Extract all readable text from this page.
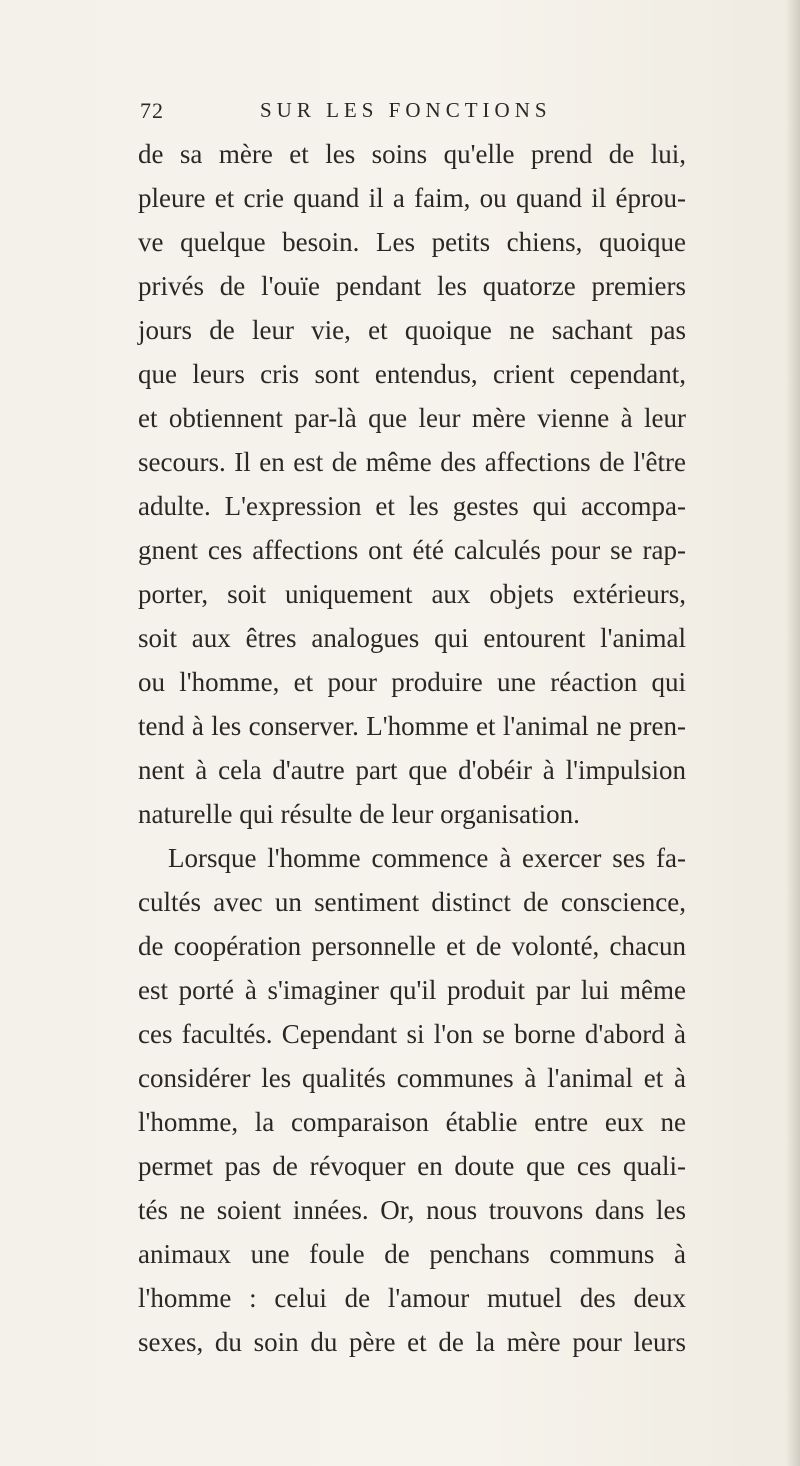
72	SUR LES FONCTIONS
de sa mère et les soins qu'elle prend de lui,
pleure et crie quand il a faim, ou quand il éprou-
ve quelque besoin. Les petits chiens, quoique
privés de l'ouïe pendant les quatorze premiers
jours de leur vie, et quoique ne sachant pas
que leurs cris sont entendus, crient cependant,
et obtiennent par-là que leur mère vienne à leur
secours. Il en est de même des affections de l'être
adulte. L'expression et les gestes qui accompa-
gnent ces affections ont été calculés pour se rap-
porter, soit uniquement aux objets extérieurs,
soit aux êtres analogues qui entourent l'animal
ou l'homme, et pour produire une réaction qui
tend à les conserver. L'homme et l'animal ne pren-
nent à cela d'autre part que d'obéir à l'impulsion
naturelle qui résulte de leur organisation.
Lorsque l'homme commence à exercer ses fa-
cultés avec un sentiment distinct de conscience,
de coopération personnelle et de volonté, chacun
est porté à s'imaginer qu'il produit par lui même
ces facultés. Cependant si l'on se borne d'abord à
considérer les qualités communes à l'animal et à
l'homme, la comparaison établie entre eux ne
permet pas de révoquer en doute que ces quali-
tés ne soient innées. Or, nous trouvons dans les
animaux une foule de penchans communs à
l'homme : celui de l'amour mutuel des deux
sexes, du soin du père et de la mère pour leurs
